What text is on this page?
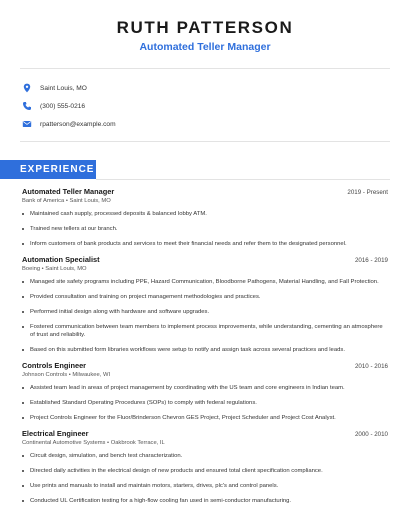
RUTH PATTERSON
Automated Teller Manager
Saint Louis, MO
(300) 555-0216
rpatterson@example.com
EXPERIENCE
Automated Teller Manager	2019 - Present
Bank of America • Saint Louis, MO
Maintained cash supply, processed deposits & balanced lobby ATM.
Trained new tellers at our branch.
Inform customers of bank products and services to meet their financial needs and refer them to the designated personnel.
Automation Specialist	2016 - 2019
Boeing • Saint Louis, MO
Managed site safety programs including PPE, Hazard Communication, Bloodborne Pathogens, Material Handling, and Fall Protection.
Provided consultation and training on project management methodologies and practices.
Performed initial design along with hardware and software upgrades.
Fostered communication between team members to implement process improvements, while understanding, cementing an atmosphere of trust and reliability.
Based on this submitted form libraries workflows were setup to notify and assign task across several practices and leads.
Controls Engineer	2010 - 2016
Johnson Controls • Milwaukee, WI
Assisted team lead in areas of project management by coordinating with the US team and core engineers in Indian team.
Established Standard Operating Procedures (SOPs) to comply with federal regulations.
Project Controls Engineer for the Fluor/Brinderson Chevron GES Project, Project Scheduler and Project Cost Analyst.
Electrical Engineer	2000 - 2010
Continental Automotive Systems • Oakbrook Terrace, IL
Circuit design, simulation, and bench test characterization.
Directed daily activities in the electrical design of new products and ensured total client specification compliance.
Use prints and manuals to install and maintain motors, starters, drives, plc's and control panels.
Conducted UL Certification testing for a high-flow cooling fan used in semi-conductor manufacturing.
